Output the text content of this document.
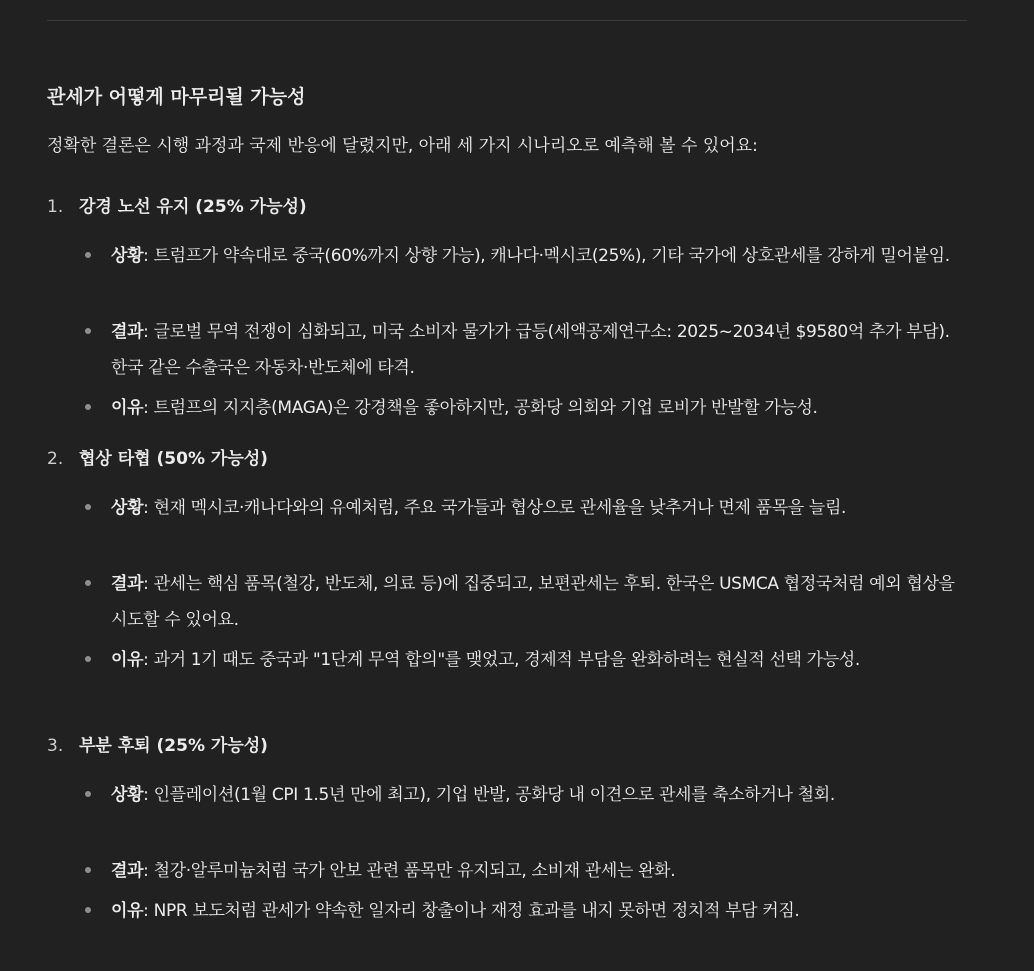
관세가 어떻게 마무리될 가능성

정확한 결론은 시행 과정과 국제 반응에 달렸지만, 아래 세 가지 시나리오로 예측해 볼 수 있어요:

1. 강경 노선 유지 (25% 가능성)

상황: 트럼프가 약속대로 중국(60%까지 상향 가능), 캐나다·멕시코(25%), 기타 국가에 상호관세를 강하게 밀어붙임.

결과: 글로벌 무역 전쟁이 심화되고, 미국 소비자 물가가 급등(세액공제연구소: 2025~2034년 $9580억 추가 부담). 한국 같은 수출국은 자동차·반도체에 타격.

이유: 트럼프의 지지층(MAGA)은 강경책을 좋아하지만, 공화당 의회와 기업 로비가 반발할 가능성.

2. 협상 타협 (50% 가능성)

상황: 현재 멕시코·캐나다와의 유예처럼, 주요 국가들과 협상으로 관세율을 낮추거나 면제 품목을 늘림.

결과: 관세는 핵심 품목(철강, 반도체, 의료 등)에 집중되고, 보편관세는 후퇴. 한국은 USMCA 협정국처럼 예외 협상을 시도할 수 있어요.

이유: 과거 1기 때도 중국과 "1단계 무역 합의"를 맺었고, 경제적 부담을 완화하려는 현실적 선택 가능성.

3. 부분 후퇴 (25% 가능성)

상황: 인플레이션(1월 CPI 1.5년 만에 최고), 기업 반발, 공화당 내 이견으로 관세를 축소하거나 철회.

결과: 철강·알루미늄처럼 국가 안보 관련 품목만 유지되고, 소비재 관세는 완화.

이유: NPR 보도처럼 관세가 약속한 일자리 창출이나 재정 효과를 내지 못하면 정치적 부담 커짐.
